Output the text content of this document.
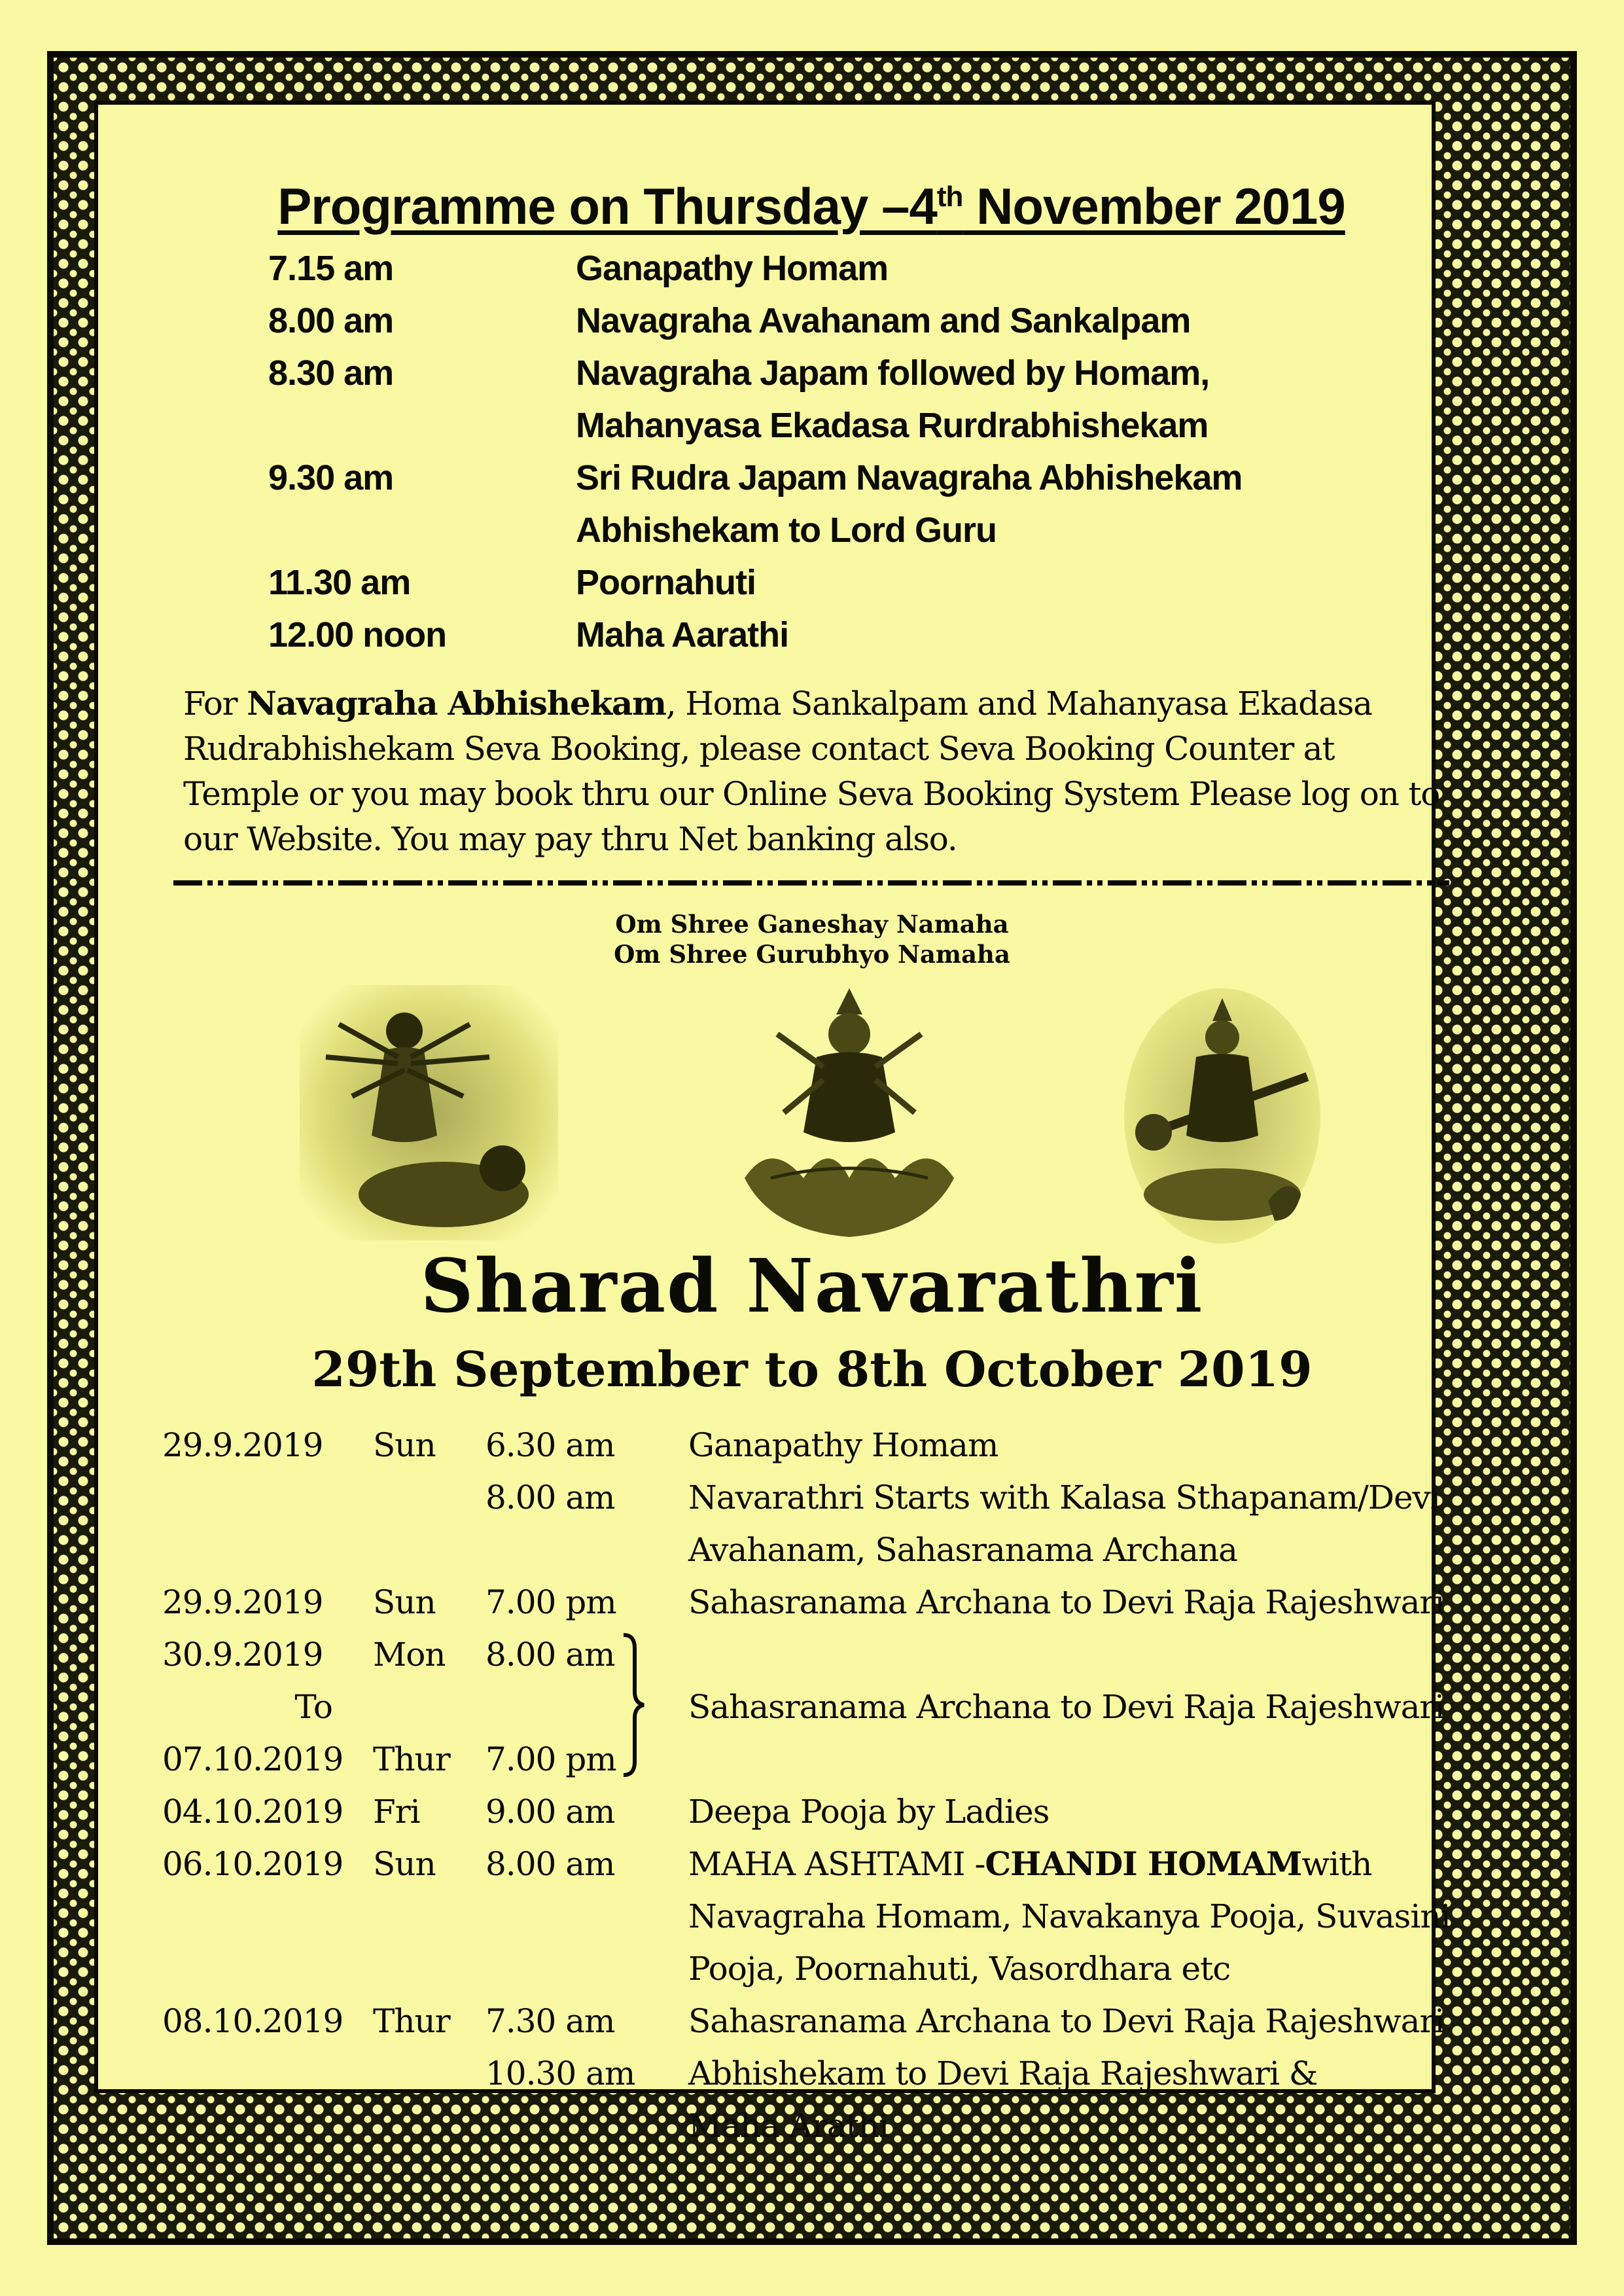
Programme on Thursday –4th November 2019
7.15 am	Ganapathy Homam
8.00 am	Navagraha Avahanam and Sankalpam
8.30 am	Navagraha Japam followed by Homam,
Mahanyasa Ekadasa Rurdrabhishekam
9.30 am	Sri Rudra Japam Navagraha Abhishekam
Abhishekam to Lord Guru
11.30 am	Poornahuti
12.00 noon	Maha Aarathi
For Navagraha Abhishekam, Homa Sankalpam and Mahanyasa Ekadasa Rudrabhishekam Seva Booking, please contact Seva Booking Counter at Temple or you may book thru our Online Seva Booking System Please log on to our Website. You may pay thru Net banking also.
Om Shree Ganeshay Namaha
Om Shree Gurubhyo Namaha
Sharad Navarathri
29th September to 8th October 2019
29.9.2019 Sun 6.30 am Ganapathy Homam
8.00 am Navarathri Starts with Kalasa Sthapanam/Devi
Avahanam, Sahasranama Archana
29.9.2019 Sun 7.00 pm Sahasranama Archana to Devi Raja Rajeshwari
30.9.2019 Mon 8.00 am
To	Sahasranama Archana to Devi Raja Rajeshwari
07.10.2019 Thur 7.00 pm
04.10.2019 Fri 9.00 am Deepa Pooja by Ladies
06.10.2019 Sun 8.00 am MAHA ASHTAMI -CHANDI HOMAMwith
Navagraha Homam, Navakanya Pooja, Suvasini
Pooja, Poornahuti, Vasordhara etc
08.10.2019 Thur 7.30 am Sahasranama Archana to Devi Raja Rajeshwari
10.30 am Abhishekam to Devi Raja Rajeshwari &
Maha Arathi
